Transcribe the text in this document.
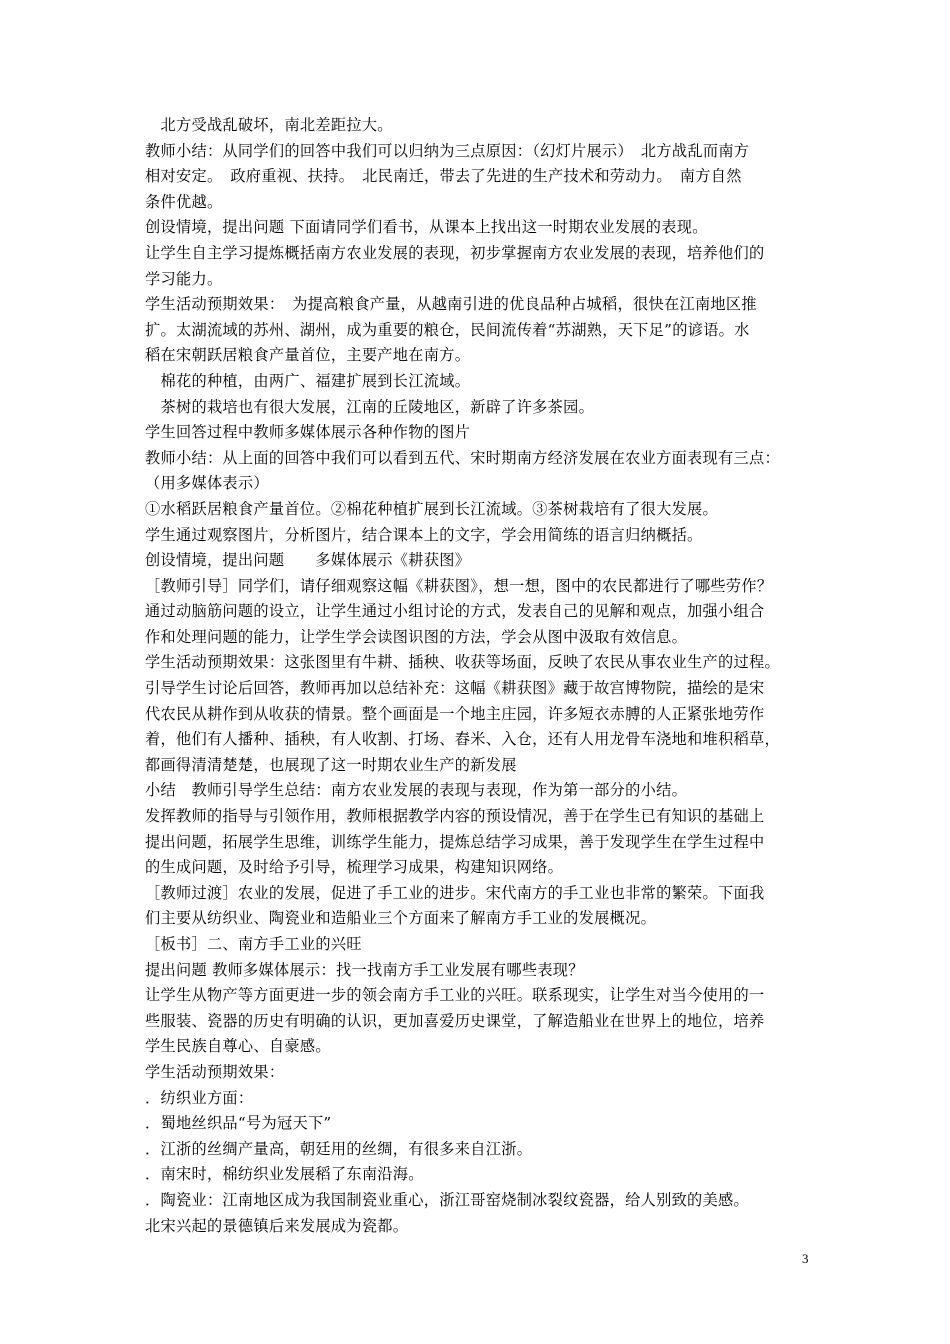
　北方受战乱破坏，南北差距拉大。
教师小结：从同学们的回答中我们可以归纳为三点原因：（幻灯片展示）　北方战乱而南方
相对安定。　政府重视、扶持。　北民南迁，带去了先进的生产技术和劳动力。　南方自然
条件优越。
创设情境，提出问题 下面请同学们看书，从课本上找出这一时期农业发展的表现。
让学生自主学习提炼概括南方农业发展的表现，初步掌握南方农业发展的表现，培养他们的
学习能力。
学生活动预期效果：　为提高粮食产量，从越南引进的优良品种占城稻，很快在江南地区推
扩。太湖流域的苏州、湖州，成为重要的粮仓，民间流传着“苏湖熟，天下足”的谚语。水
稻在宋朝跃居粮食产量首位，主要产地在南方。
　棉花的种植，由两广、福建扩展到长江流域。
　茶树的栽培也有很大发展，江南的丘陵地区，新辟了许多茶园。
学生回答过程中教师多媒体展示各种作物的图片
教师小结：从上面的回答中我们可以看到五代、宋时期南方经济发展在农业方面表现有三点：
（用多媒体表示）
①水稻跃居粮食产量首位。②棉花种植扩展到长江流域。③茶树栽培有了很大发展。
学生通过观察图片，分析图片，结合课本上的文字，学会用简练的语言归纳概括。
创设情境，提出问题　　多媒体展示《耕获图》
［教师引导］同学们，请仔细观察这幅《耕获图》，想一想，图中的农民都进行了哪些劳作？
通过动脑筋问题的设立，让学生通过小组讨论的方式，发表自己的见解和观点，加强小组合
作和处理问题的能力，让学生学会读图识图的方法，学会从图中汲取有效信息。
学生活动预期效果：这张图里有牛耕、插秧、收获等场面，反映了农民从事农业生产的过程。
引导学生讨论后回答，教师再加以总结补充：这幅《耕获图》藏于故宫博物院，描绘的是宋
代农民从耕作到从收获的情景。整个画面是一个地主庄园，许多短衣赤膊的人正紧张地劳作
着，他们有人播种、插秧，有人收割、打场、舂米、入仓，还有人用龙骨车浇地和堆积稻草，
都画得清清楚楚，也展现了这一时期农业生产的新发展
小结　教师引导学生总结：南方农业发展的表现与表现，作为第一部分的小结。
发挥教师的指导与引领作用，教师根据教学内容的预设情况，善于在学生已有知识的基础上
提出问题，拓展学生思维，训练学生能力，提炼总结学习成果，善于发现学生在学生过程中
的生成问题，及时给予引导，梳理学习成果，构建知识网络。
［教师过渡］农业的发展，促进了手工业的进步。宋代南方的手工业也非常的繁荣。下面我
们主要从纺织业、陶瓷业和造船业三个方面来了解南方手工业的发展概况。
［板书］二、南方手工业的兴旺
提出问题 教师多媒体展示：找一找南方手工业发展有哪些表现？
让学生从物产等方面更进一步的领会南方手工业的兴旺。联系现实，让学生对当今使用的一
些服装、瓷器的历史有明确的认识，更加喜爱历史课堂，了解造船业在世界上的地位，培养
学生民族自尊心、自豪感。
学生活动预期效果：
．纺织业方面：
．蜀地丝织品“号为冠天下”
．江浙的丝绸产量高，朝廷用的丝绸，有很多来自江浙。
．南宋时，棉纺织业发展稻了东南沿海。
．陶瓷业：江南地区成为我国制瓷业重心，浙江哥窑烧制冰裂纹瓷器，给人别致的美感。
北宋兴起的景德镇后来发展成为瓷都。
3
